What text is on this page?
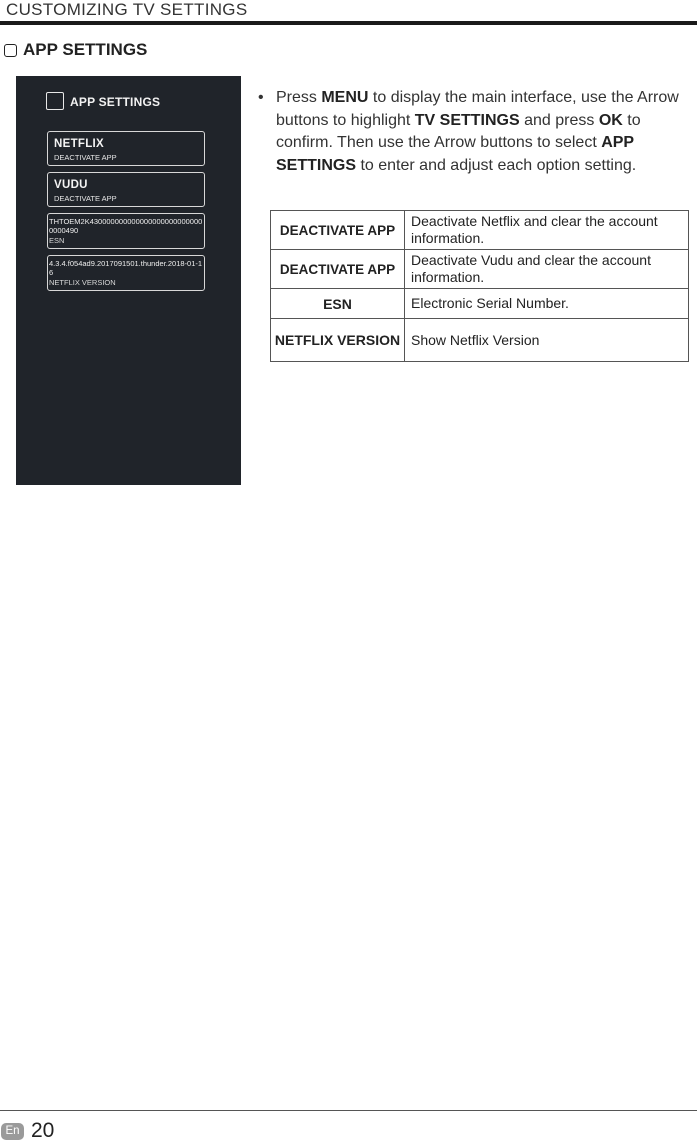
CUSTOMIZING TV SETTINGS
APP SETTINGS
APP SETTINGS
NETFLIX
DEACTIVATE APP
VUDU
DEACTIVATE APP
THTOEM2K4300000000000000000000000000000490
ESN
4.3.4.f054ad9.2017091501.thunder.2018-01-16
NETFLIX VERSION
• Press MENU to display the main interface, use the Arrow buttons to highlight TV SETTINGS and press OK to confirm. Then use the Arrow buttons to select APP SETTINGS to enter and adjust each option setting.
DEACTIVATE APP	Deactivate Netflix and clear the account information.
DEACTIVATE APP	Deactivate Vudu and clear the account information.
ESN	Electronic Serial Number.
NETFLIX VERSION	Show Netflix Version
En 20
